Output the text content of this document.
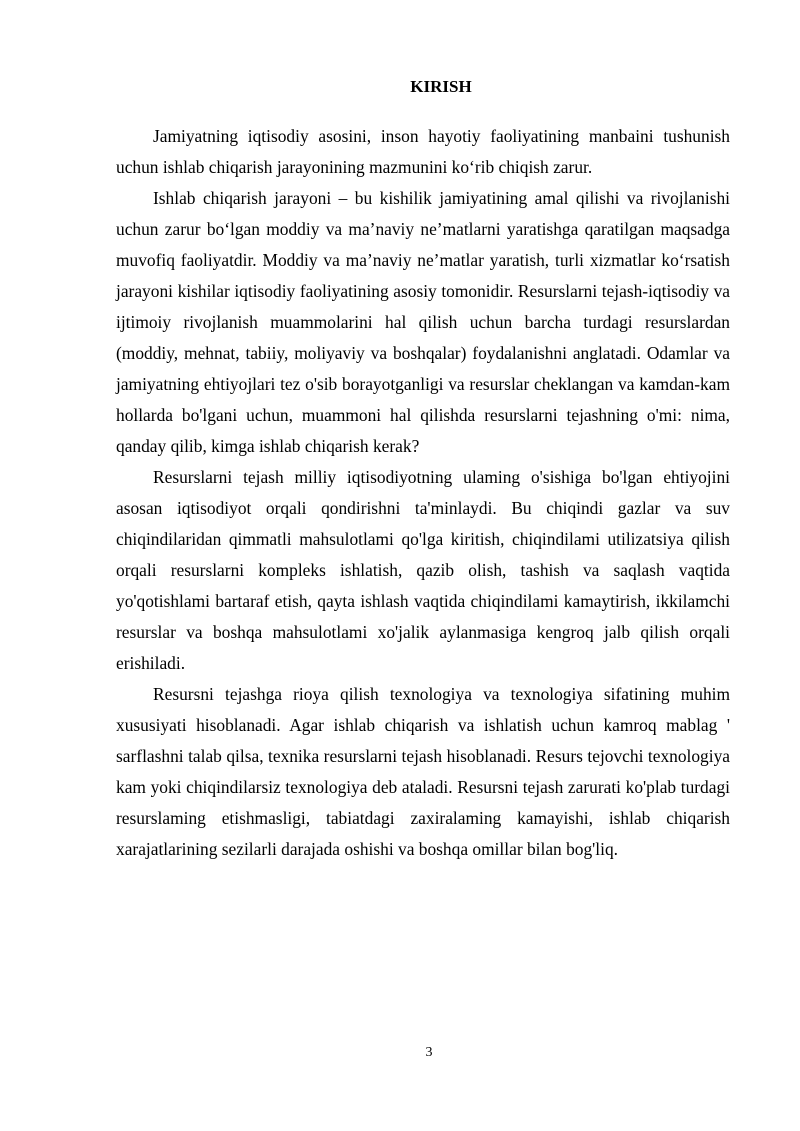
KIRISH

Jamiyatning iqtisodiy asosini, inson hayotiy faoliyatining manbaini tushunish uchun ishlab chiqarish jarayonining mazmunini ko‘rib chiqish zarur.

Ishlab chiqarish jarayoni – bu kishilik jamiyatining amal qilishi va rivojlanishi uchun zarur bo‘lgan moddiy va ma’naviy ne’matlarni yaratishga qaratilgan maqsadga muvofiq faoliyatdir. Moddiy va ma’naviy ne’matlar yaratish, turli xizmatlar ko‘rsatish jarayoni kishilar iqtisodiy faoliyatining asosiy tomonidir. Resurslarni tejash-iqtisodiy va ijtimoiy rivojlanish muammolarini hal qilish uchun barcha turdagi resurslardan (moddiy, mehnat, tabiiy, moliyaviy va boshqalar) foydalanishni anglatadi. Odamlar va jamiyatning ehtiyojlari tez o'sib borayotganligi va resurslar cheklangan va kamdan-kam hollarda bo'lgani uchun, muammoni hal qilishda resurslarni tejashning o'mi: nima, qanday qilib, kimga ishlab chiqarish kerak?

Resurslarni tejash milliy iqtisodiyotning ulaming o'sishiga bo'lgan ehtiyojini asosan iqtisodiyot orqali qondirishni ta'minlaydi. Bu chiqindi gazlar va suv chiqindilaridan qimmatli mahsulotlami qo'lga kiritish, chiqindilami utilizatsiya qilish orqali resurslarni kompleks ishlatish, qazib olish, tashish va saqlash vaqtida yo'qotishlami bartaraf etish, qayta ishlash vaqtida chiqindilami kamaytirish, ikkilamchi resurslar va boshqa mahsulotlami xo'jalik aylanmasiga kengroq jalb qilish orqali erishiladi.

Resursni tejashga rioya qilish texnologiya va texnologiya sifatining muhim xususiyati hisoblanadi. Agar ishlab chiqarish va ishlatish uchun kamroq mablag ' sarflashni talab qilsa, texnika resurslarni tejash hisoblanadi. Resurs tejovchi texnologiya kam yoki chiqindilarsiz texnologiya deb ataladi. Resursni tejash zarurati ko'plab turdagi resurslaming etishmasligi, tabiatdagi zaxiralaming kamayishi, ishlab chiqarish xarajatlarining sezilarli darajada oshishi va boshqa omillar bilan bog'liq.

3
